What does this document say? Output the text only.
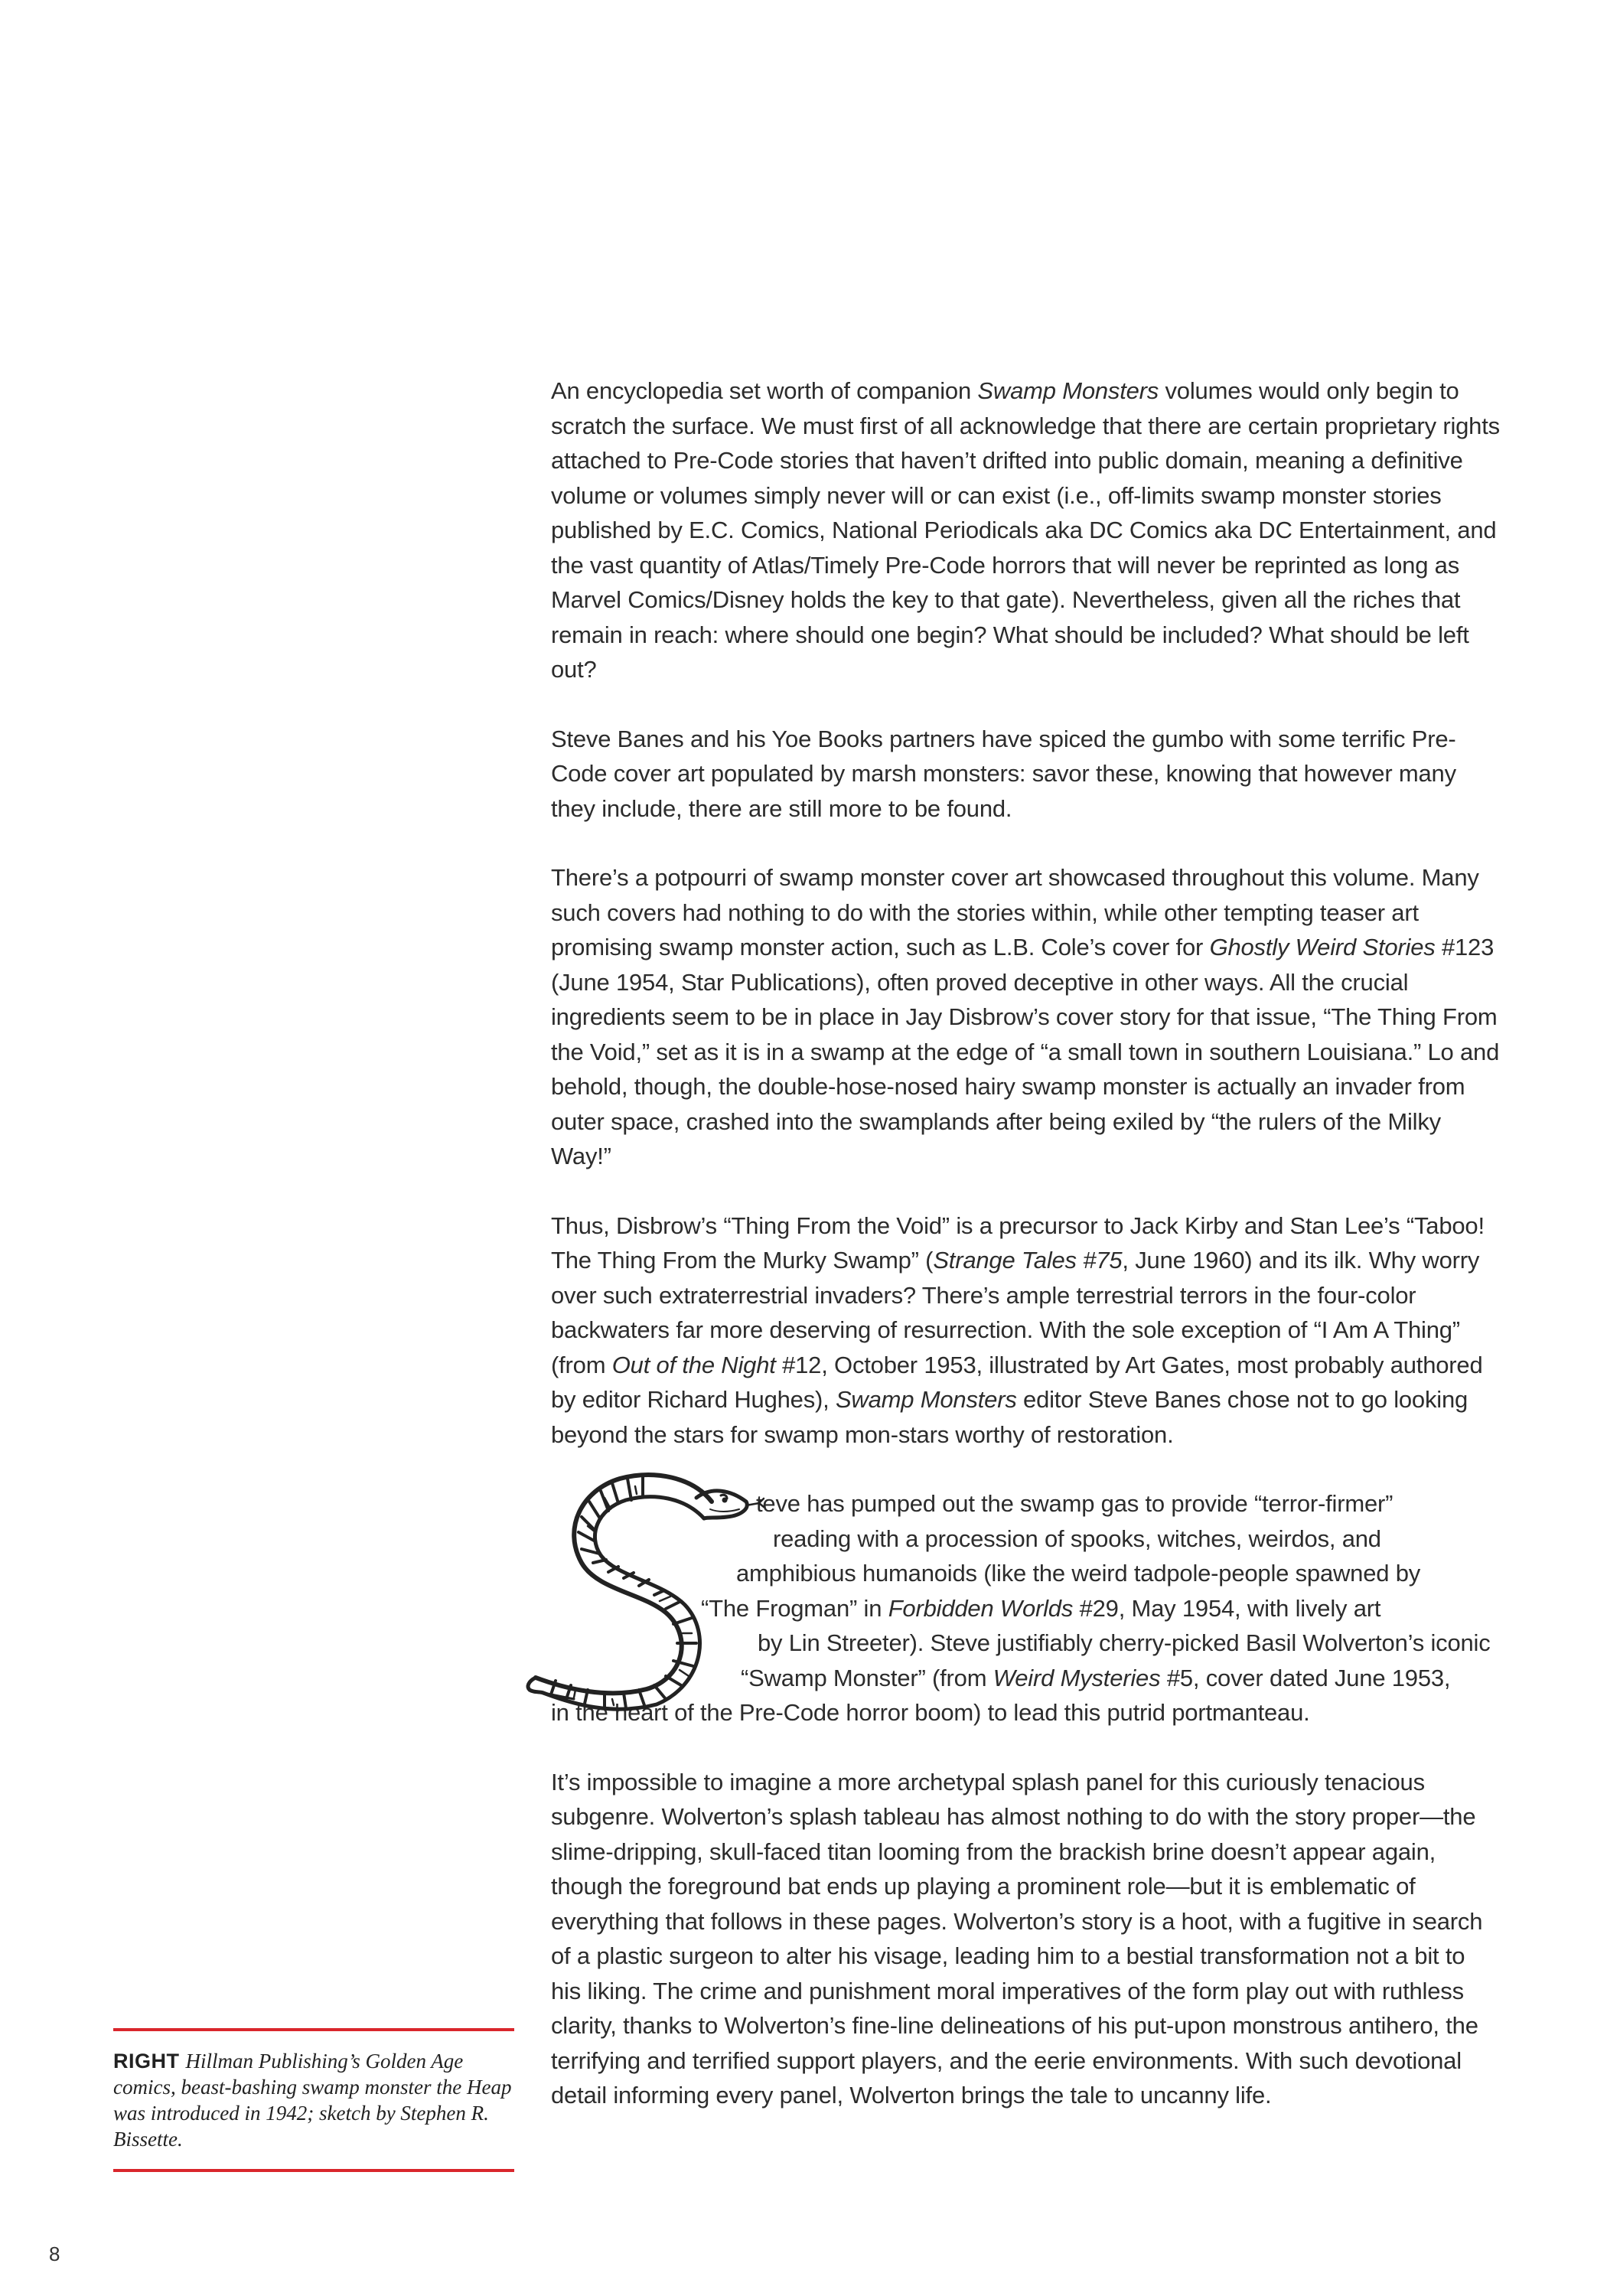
An encyclopedia set worth of companion Swamp Monsters volumes would only begin to scratch the surface. We must first of all acknowledge that there are certain proprietary rights attached to Pre-Code stories that haven’t drifted into public domain, meaning a definitive volume or volumes simply never will or can exist (i.e., off-limits swamp monster stories published by E.C. Comics, National Periodicals aka DC Comics aka DC Entertainment, and the vast quantity of Atlas/Timely Pre-Code horrors that will never be reprinted as long as Marvel Comics/Disney holds the key to that gate). Nevertheless, given all the riches that remain in reach: where should one begin? What should be included? What should be left out?

Steve Banes and his Yoe Books partners have spiced the gumbo with some terrific Pre-Code cover art populated by marsh monsters: savor these, knowing that however many they include, there are still more to be found.

There’s a potpourri of swamp monster cover art showcased throughout this volume. Many such covers had nothing to do with the stories within, while other tempting teaser art promising swamp monster action, such as L.B. Cole’s cover for Ghostly Weird Stories #123 (June 1954, Star Publications), often proved deceptive in other ways. All the crucial ingredients seem to be in place in Jay Disbrow’s cover story for that issue, “The Thing From the Void,” set as it is in a swamp at the edge of “a small town in southern Louisiana.” Lo and behold, though, the double-hose-nosed hairy swamp monster is actually an invader from outer space, crashed into the swamplands after being exiled by “the rulers of the Milky Way!”

Thus, Disbrow’s “Thing From the Void” is a precursor to Jack Kirby and Stan Lee’s “Taboo! The Thing From the Murky Swamp” (Strange Tales #75, June 1960) and its ilk. Why worry over such extraterrestrial invaders? There’s ample terrestrial terrors in the four-color backwaters far more deserving of resurrection. With the sole exception of “I Am A Thing” (from Out of the Night #12, October 1953, illustrated by Art Gates, most probably authored by editor Richard Hughes), Swamp Monsters editor Steve Banes chose not to go looking beyond the stars for swamp mon-stars worthy of restoration.

teve has pumped out the swamp gas to provide “terror-firmer”
reading with a procession of spooks, witches, weirdos, and
amphibious humanoids (like the weird tadpole-people spawned by
“The Frogman” in Forbidden Worlds #29, May 1954, with lively art
by Lin Streeter). Steve justifiably cherry-picked Basil Wolverton’s iconic
“Swamp Monster” (from Weird Mysteries #5, cover dated June 1953,
in the heart of the Pre-Code horror boom) to lead this putrid portmanteau.

It’s impossible to imagine a more archetypal splash panel for this curiously tenacious subgenre. Wolverton’s splash tableau has almost nothing to do with the story proper—the slime-dripping, skull-faced titan looming from the brackish brine doesn’t appear again, though the foreground bat ends up playing a prominent role—but it is emblematic of everything that follows in these pages. Wolverton’s story is a hoot, with a fugitive in search of a plastic surgeon to alter his visage, leading him to a bestial transformation not a bit to his liking. The crime and punishment moral imperatives of the form play out with ruthless clarity, thanks to Wolverton’s fine-line delineations of his put-upon monstrous antihero, the terrifying and terrified support players, and the eerie environments. With such devotional detail informing every panel, Wolverton brings the tale to uncanny life.

RIGHT Hillman Publishing’s Golden Age comics, beast-bashing swamp monster the Heap was introduced in 1942; sketch by Stephen R. Bissette.
8
